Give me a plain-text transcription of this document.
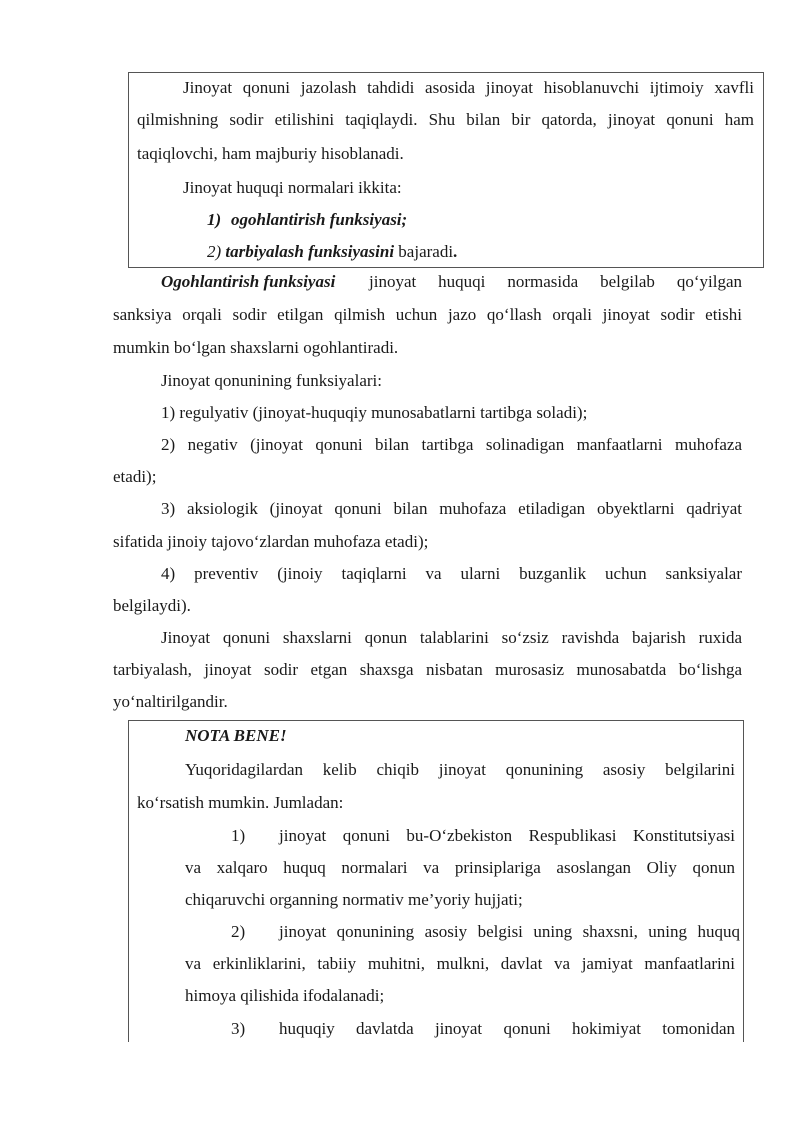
Jinoyat qonuni jazolash tahdidi asosida jinoyat hisoblanuvchi ijtimoiy xavfli
qilmishning sodir etilishini taqiqlaydi. Shu bilan bir qatorda, jinoyat qonuni ham
taqiqlovchi, ham majburiy hisoblanadi.
Jinoyat huquqi normalari ikkita:
1) ogohlantirish funksiyasi;
2) tarbiyalash funksiyasini bajaradi.
Ogohlantirish funksiyasi jinoyat huquqi normasida belgilab qo‘yilgan
sanksiya orqali sodir etilgan qilmish uchun jazo qo‘llash orqali jinoyat sodir etishi
mumkin bo‘lgan shaxslarni ogohlantiradi.
Jinoyat qonunining funksiyalari:
1) regulyativ (jinoyat-huquqiy munosabatlarni tartibga soladi);
2) negativ (jinoyat qonuni bilan tartibga solinadigan manfaatlarni muhofaza
etadi);
3) aksiologik (jinoyat qonuni bilan muhofaza etiladigan obyektlarni qadriyat
sifatida jinoiy tajovo‘zlardan muhofaza etadi);
4) preventiv (jinoiy taqiqlarni va ularni buzganlik uchun sanksiyalar
belgilaydi).
Jinoyat qonuni shaxslarni qonun talablarini so‘zsiz ravishda bajarish ruxida
tarbiyalash, jinoyat sodir etgan shaxsga nisbatan murosasiz munosabatda bo‘lishga
yo‘naltirilgandir.
NOTA BENE!
Yuqoridagilardan kelib chiqib jinoyat qonunining asosiy belgilarini
ko‘rsatish mumkin. Jumladan:
1) jinoyat qonuni bu-O‘zbekiston Respublikasi Konstitutsiyasi
va xalqaro huquq normalari va prinsiplariga asoslangan Oliy qonun
chiqaruvchi organning normativ me’yoriy hujjati;
2) jinoyat qonunining asosiy belgisi uning shaxsni, uning huquq
va erkinliklarini, tabiiy muhitni, mulkni, davlat va jamiyat manfaatlarini
himoya qilishida ifodalanadi;
3) huquqiy davlatda jinoyat qonuni hokimiyat tomonidan
